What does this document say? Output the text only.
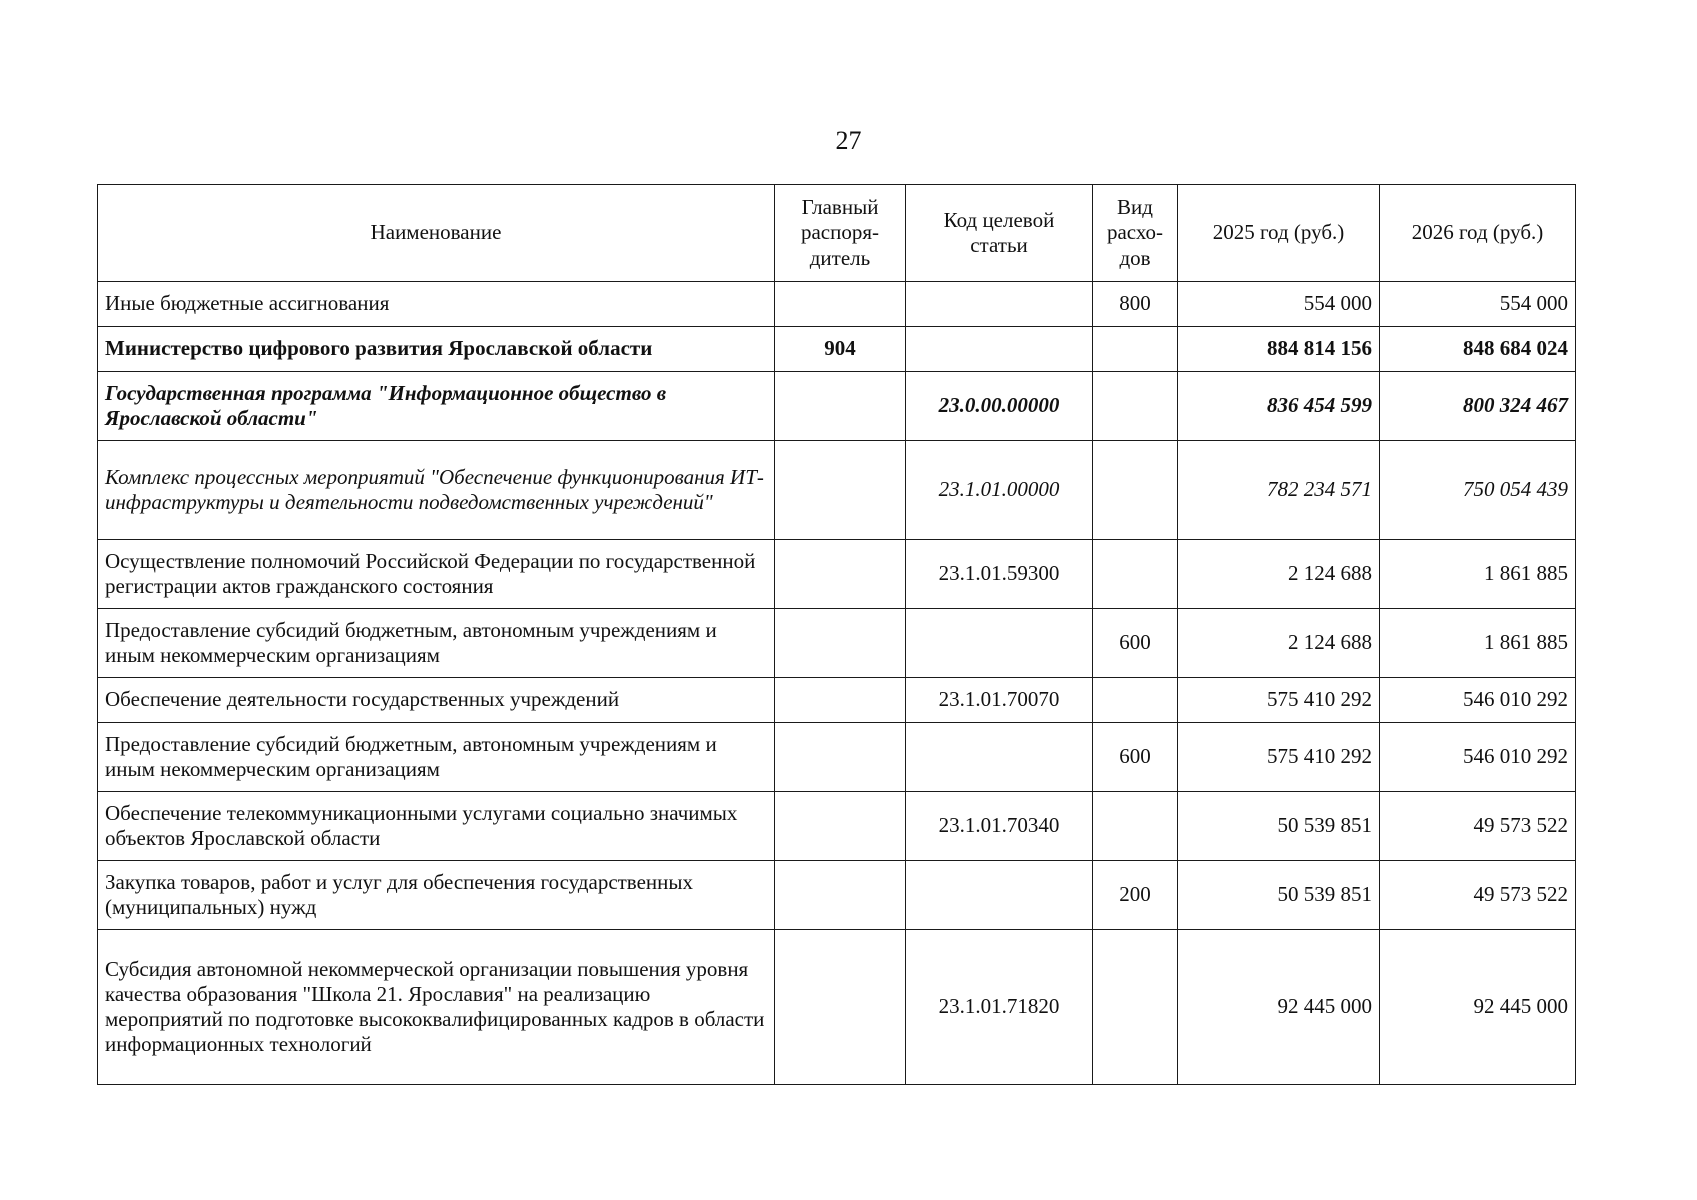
27
Наименование	Главный распоря-дитель	Код целевой статьи	Вид расхо-дов	2025 год (руб.)	2026 год (руб.)
Иные бюджетные ассигнования			800	554 000	554 000
Министерство цифрового развития Ярославской области	904			884 814 156	848 684 024
Государственная программа "Информационное общество в Ярославской области"		23.0.00.00000		836 454 599	800 324 467
Комплекс процессных мероприятий "Обеспечение функционирования ИТ-инфраструктуры и деятельности подведомственных учреждений"		23.1.01.00000		782 234 571	750 054 439
Осуществление полномочий Российской Федерации по государственной регистрации актов гражданского состояния		23.1.01.59300		2 124 688	1 861 885
Предоставление субсидий бюджетным, автономным учреждениям и иным некоммерческим организациям			600	2 124 688	1 861 885
Обеспечение деятельности государственных учреждений		23.1.01.70070		575 410 292	546 010 292
Предоставление субсидий бюджетным, автономным учреждениям и иным некоммерческим организациям			600	575 410 292	546 010 292
Обеспечение телекоммуникационными услугами социально значимых объектов Ярославской области		23.1.01.70340		50 539 851	49 573 522
Закупка товаров, работ и услуг для обеспечения государственных (муниципальных) нужд			200	50 539 851	49 573 522
Субсидия автономной некоммерческой организации повышения уровня качества образования "Школа 21. Ярославия" на реализацию мероприятий по подготовке высококвалифицированных кадров в области информационных технологий		23.1.01.71820		92 445 000	92 445 000
